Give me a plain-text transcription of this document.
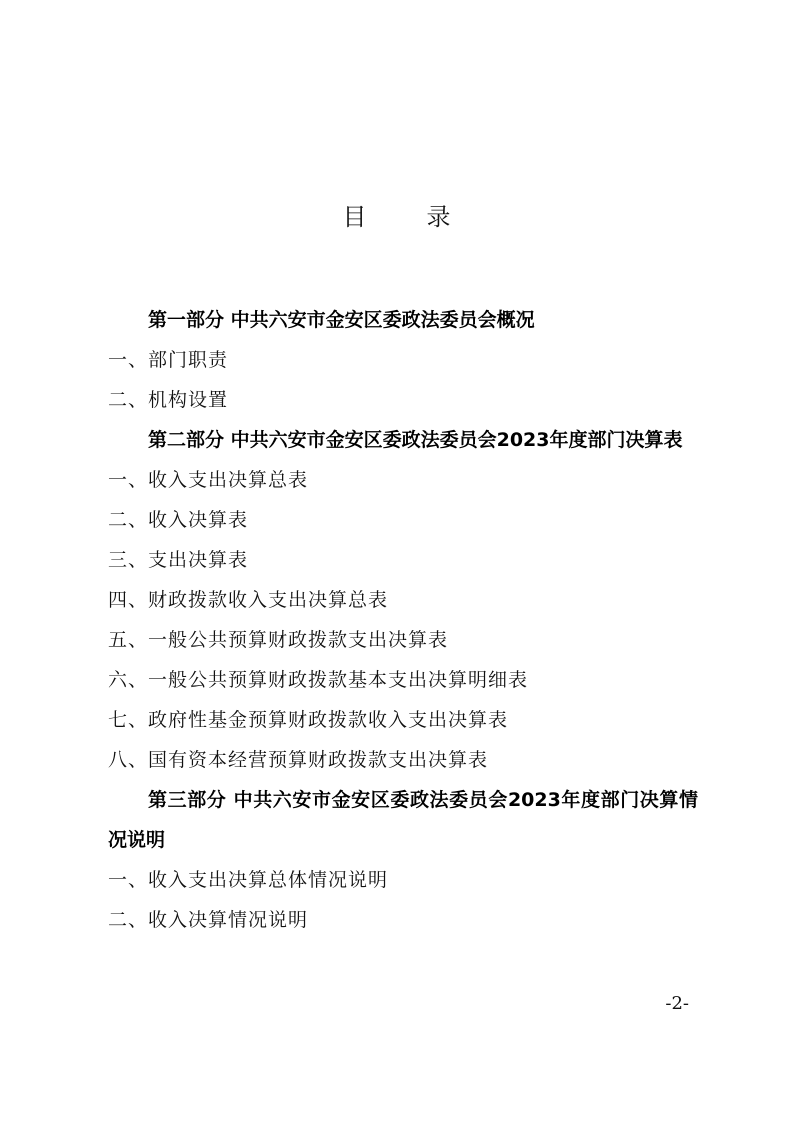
目　录
第一部分 中共六安市金安区委政法委员会概况
一、部门职责
二、机构设置
第二部分 中共六安市金安区委政法委员会2023年度部门决算表
一、收入支出决算总表
二、收入决算表
三、支出决算表
四、财政拨款收入支出决算总表
五、一般公共预算财政拨款支出决算表
六、一般公共预算财政拨款基本支出决算明细表
七、政府性基金预算财政拨款收入支出决算表
八、国有资本经营预算财政拨款支出决算表
第三部分 中共六安市金安区委政法委员会2023年度部门决算情况说明
一、收入支出决算总体情况说明
二、收入决算情况说明
-2-
